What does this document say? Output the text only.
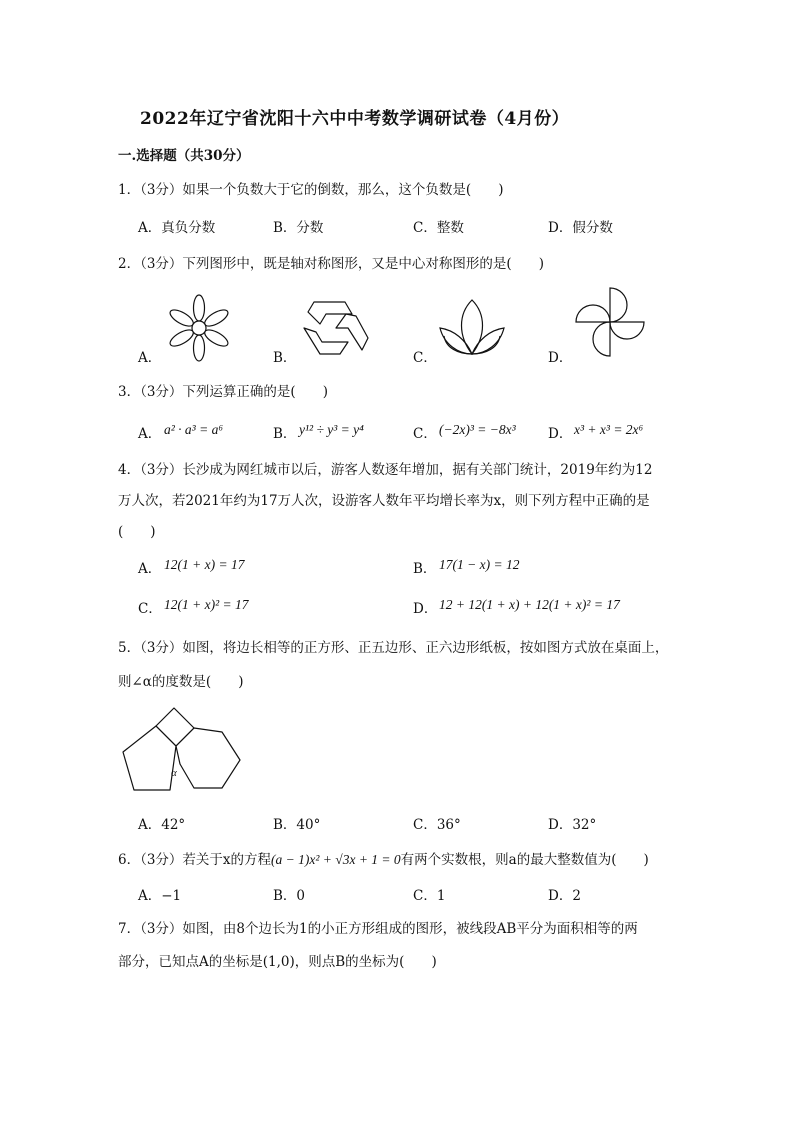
2022年辽宁省沈阳十六中中考数学调研试卷（4月份）
一.选择题（共30分）
1．（3分）如果一个负数大于它的倒数，那么，这个负数是(　　)
A．真负分数	B．分数	C．整数	D．假分数
2．（3分）下列图形中，既是轴对称图形，又是中心对称图形的是(　　)
A．	B．	C．	D．
3．（3分）下列运算正确的是(　　)
A． a² · a³ = a⁶	B． y¹² ÷ y³ = y⁴	C． (−2x)³ = −8x³ D． x³ + x³ = 2x⁶
4．（3分）长沙成为网红城市以后，游客人数逐年增加，据有关部门统计，2019年约为12
万人次，若2021年约为17万人次，设游客人数年平均增长率为x，则下列方程中正确的是
(　　)
A． 12(1 + x) = 17	B． 17(1 − x) = 12
C． 12(1 + x)² = 17	D． 12 + 12(1 + x) + 12(1 + x)² = 17
5．（3分）如图，将边长相等的正方形、正五边形、正六边形纸板，按如图方式放在桌面上，
则∠α的度数是(　　)
α
A．42°	B．40°	C．36°	D．32°
6．（3分）若关于x的方程(a − 1)x² + √3x + 1 = 0有两个实数根，则a的最大整数值为(　　)
A．−1	B．0	C．1	D．2
7．（3分）如图，由8个边长为1的小正方形组成的图形，被线段AB平分为面积相等的两
部分，已知点A的坐标是(1,0)，则点B的坐标为(　　)
